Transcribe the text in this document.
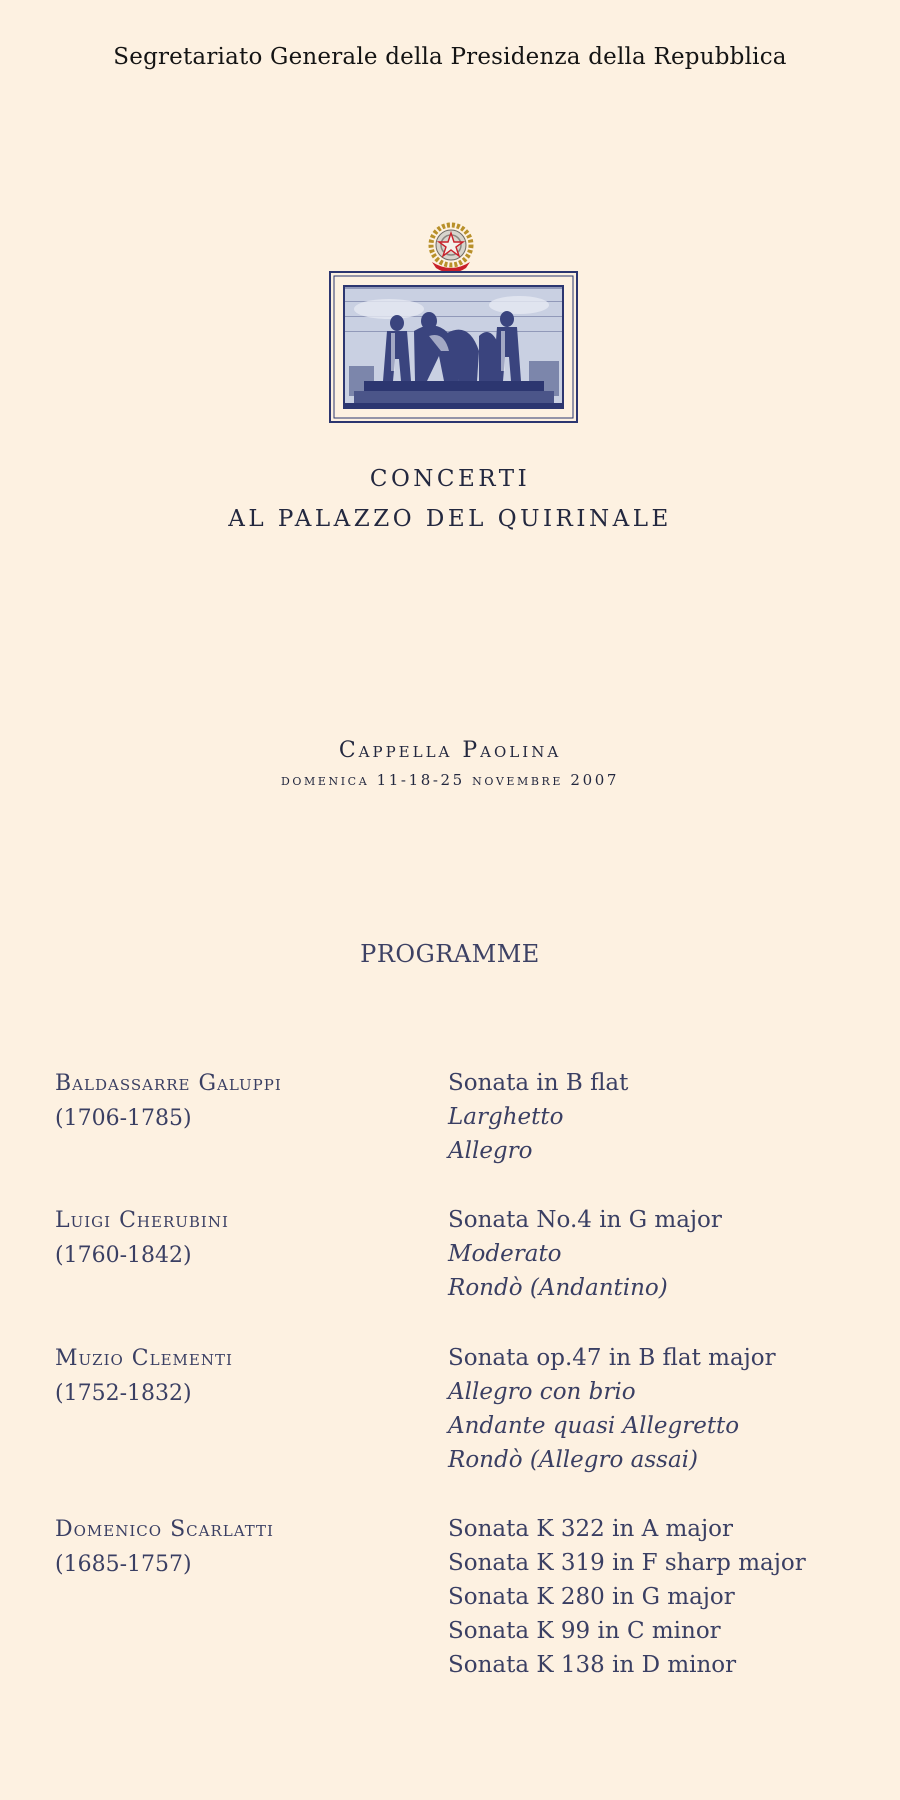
Segretariato Generale della Presidenza della Repubblica
CONCERTI
AL PALAZZO DEL QUIRINALE
Cappella Paolina
domenica 11-18-25 novembre 2007
PROGRAMME
Baldassarre Galuppi
(1706-1785)
Sonata in B flat
Larghetto
Allegro
Luigi Cherubini
(1760-1842)
Sonata No.4 in G major
Moderato
Rondò (Andantino)
Muzio Clementi
(1752-1832)
Sonata op.47 in B flat major
Allegro con brio
Andante quasi Allegretto
Rondò (Allegro assai)
Domenico Scarlatti
(1685-1757)
Sonata K 322 in A major
Sonata K 319 in F sharp major
Sonata K 280 in G major
Sonata K 99 in C minor
Sonata K 138 in D minor
